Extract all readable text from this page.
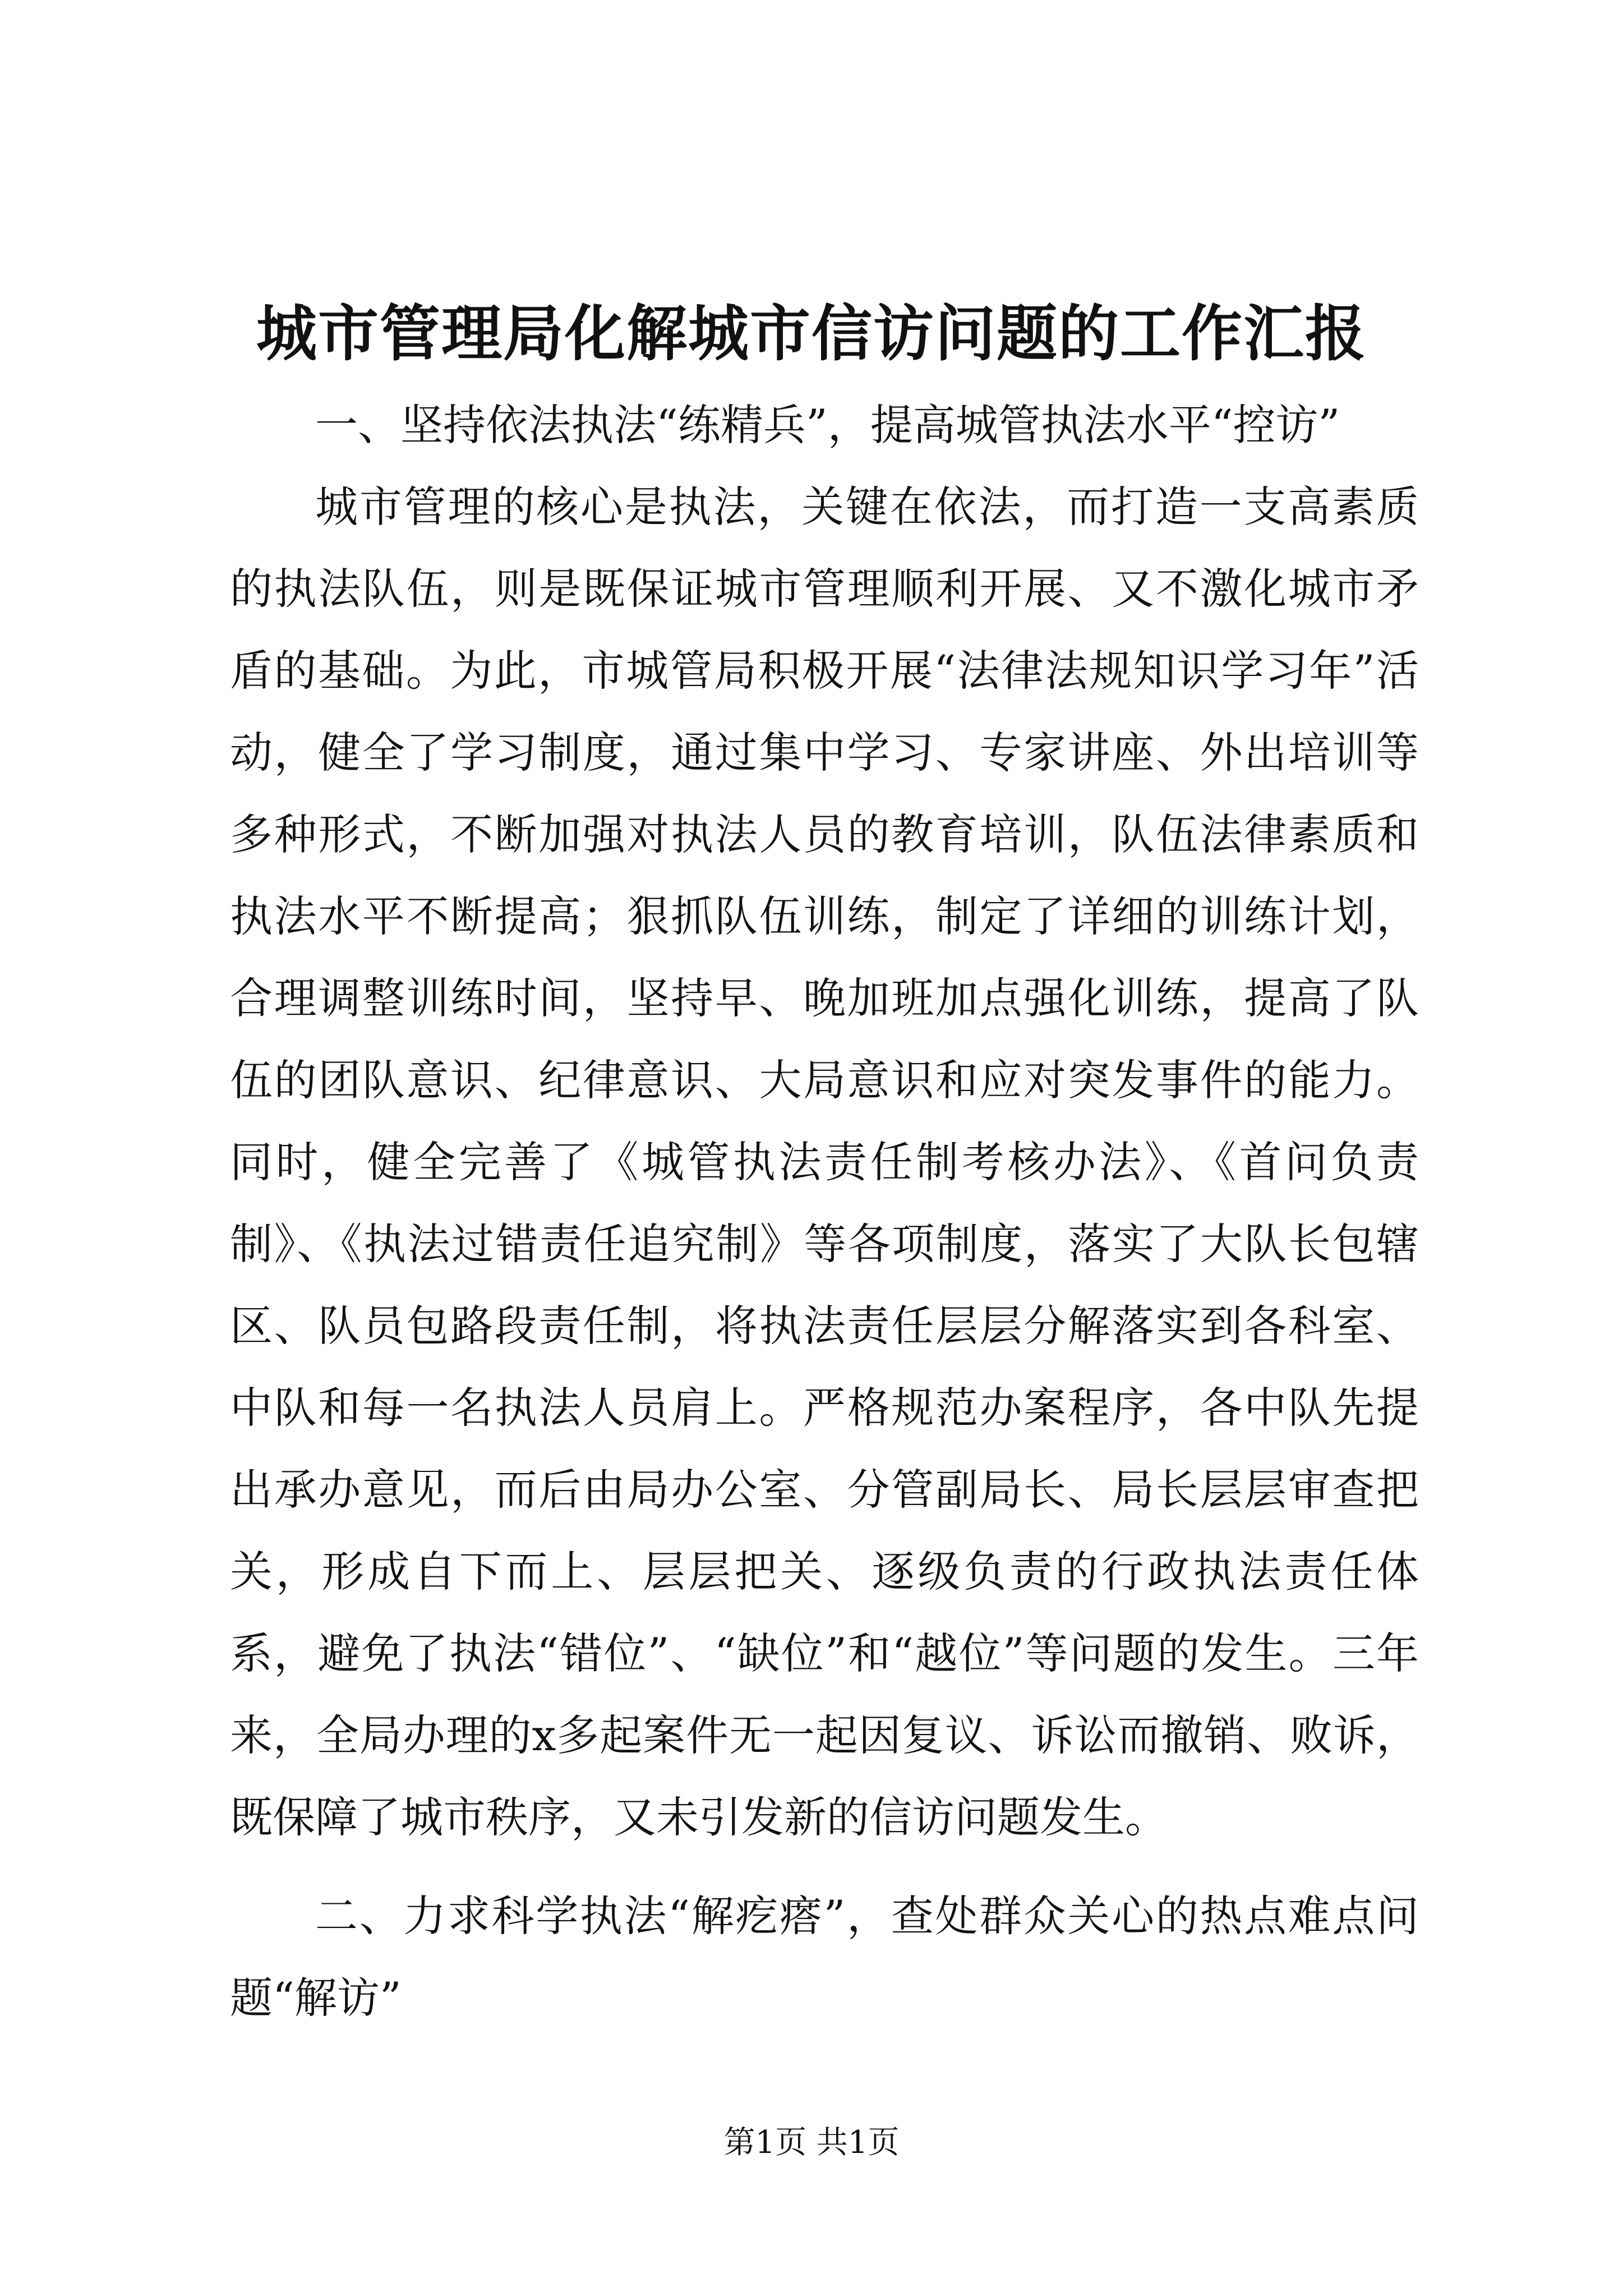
城市管理局化解城市信访问题的工作汇报

一、坚持依法执法“练精兵”，提高城管执法水平“控访”

城市管理的核心是执法，关键在依法，而打造一支高素质的执法队伍，则是既保证城市管理顺利开展、又不激化城市矛盾的基础。为此，市城管局积极开展“法律法规知识学习年”活动，健全了学习制度，通过集中学习、专家讲座、外出培训等多种形式，不断加强对执法人员的教育培训，队伍法律素质和执法水平不断提高；狠抓队伍训练，制定了详细的训练计划，合理调整训练时间，坚持早、晚加班加点强化训练，提高了队伍的团队意识、纪律意识、大局意识和应对突发事件的能力。同时，健全完善了《城管执法责任制考核办法》、《首问负责制》、《执法过错责任追究制》等各项制度，落实了大队长包辖区、队员包路段责任制，将执法责任层层分解落实到各科室、中队和每一名执法人员肩上。严格规范办案程序，各中队先提出承办意见，而后由局办公室、分管副局长、局长层层审查把关，形成自下而上、层层把关、逐级负责的行政执法责任体系，避免了执法“错位”、“缺位”和“越位”等问题的发生。三年来，全局办理的x多起案件无一起因复议、诉讼而撤销、败诉，既保障了城市秩序，又未引发新的信访问题发生。

二、力求科学执法“解疙瘩”，查处群众关心的热点难点问题“解访”

第1页 共1页
